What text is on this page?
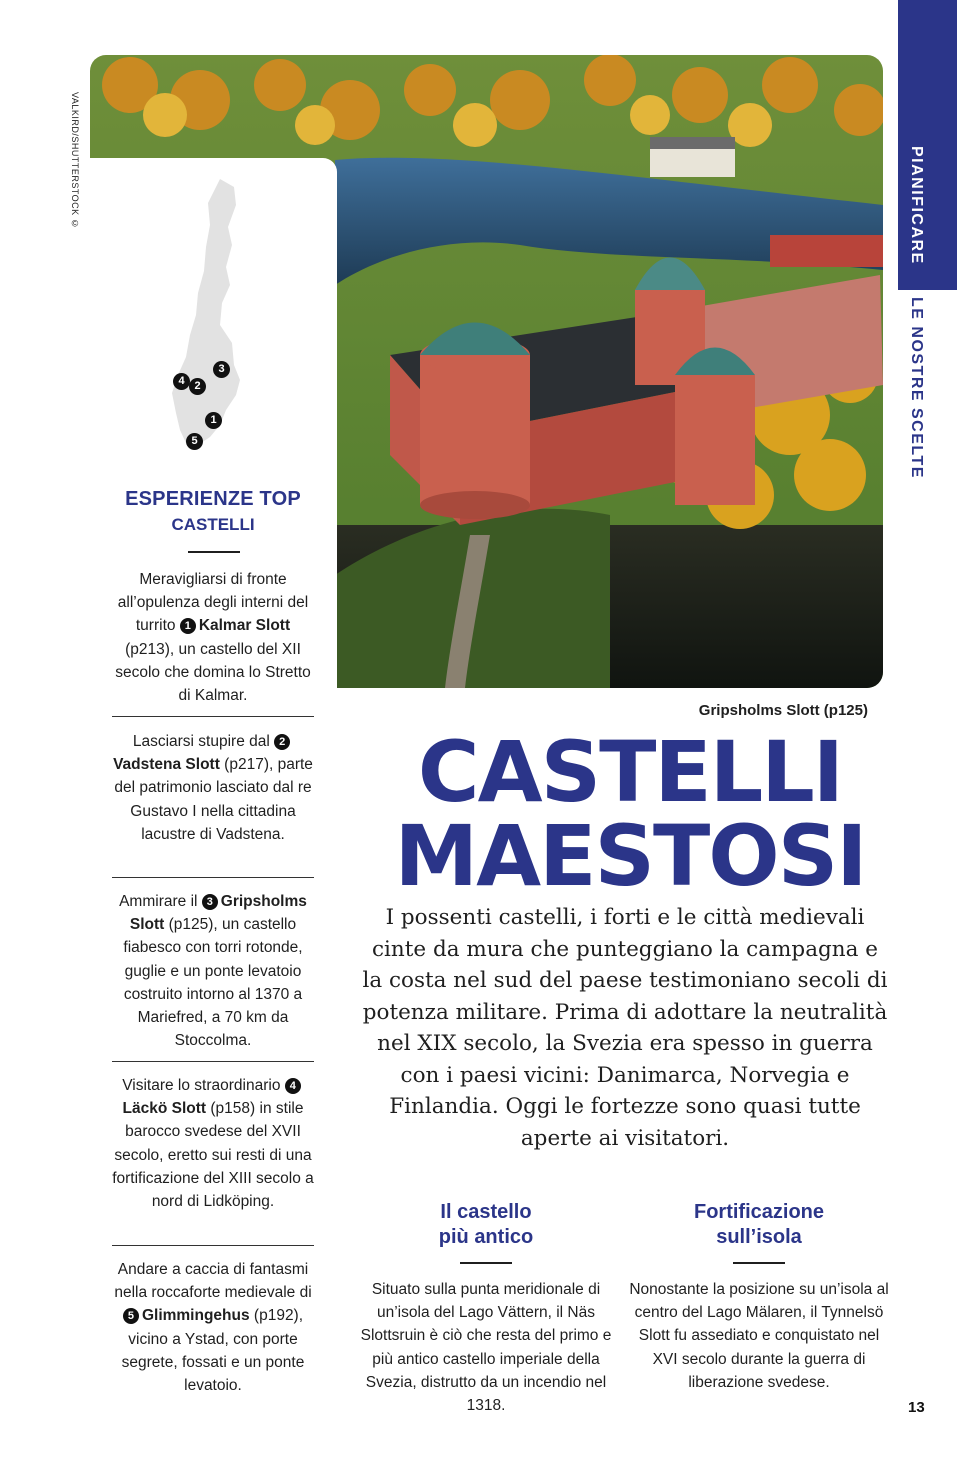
PIANIFICARE
LE NOSTRE SCELTE
VALKIRD/SHUTTERSTOCK ©
4 2
3
1
5
Gripsholms Slott (p125)
ESPERIENZE TOP
CASTELLI
Meravigliarsi di fronte all’opulenza degli interni del turrito 1 Kalmar Slott (p213), un castello del XII secolo che domina lo Stretto di Kalmar.
Lasciarsi stupire dal 2Vadstena Slott (p217), parte del patrimonio lasciato dal re Gustavo I nella cittadina lacustre di Vadstena.
Ammirare il 3 Gripsholms Slott (p125), un castello fiabesco con torri rotonde, guglie e un ponte levatoio costruito intorno al 1370 a Mariefred, a 70 km da Stoccolma.
Visitare lo straordinario 4Läckö Slott (p158) in stile barocco svedese del XVII secolo, eretto sui resti di una fortificazione del XIII secolo a nord di Lidköping.
Andare a caccia di fantasmi nella roccaforte medievale di 5 Glimmingehus (p192), vicino a Ystad, con porte segrete, fossati e un ponte levatoio.
CASTELLI
MAESTOSI
I possenti castelli, i forti e le città medievali cinte da mura che punteggiano la campagna e la costa nel sud del paese testimoniano secoli di potenza militare. Prima di adottare la neutralità nel XIX secolo, la Svezia era spesso in guerra con i paesi vicini: Danimarca, Norvegia e Finlandia. Oggi le fortezze sono quasi tutte aperte ai visitatori.
Il castello
più antico
Situato sulla punta meridionale di un’isola del Lago Vättern, il Näs Slottsruin è ciò che resta del primo e più antico castello imperiale della Svezia, distrutto da un incendio nel 1318.
Fortificazione
sull’isola
Nonostante la posizione su un’isola al centro del Lago Mälaren, il Tynnelsö Slott fu assediato e conquistato nel XVI secolo durante la guerra di liberazione svedese.
13
